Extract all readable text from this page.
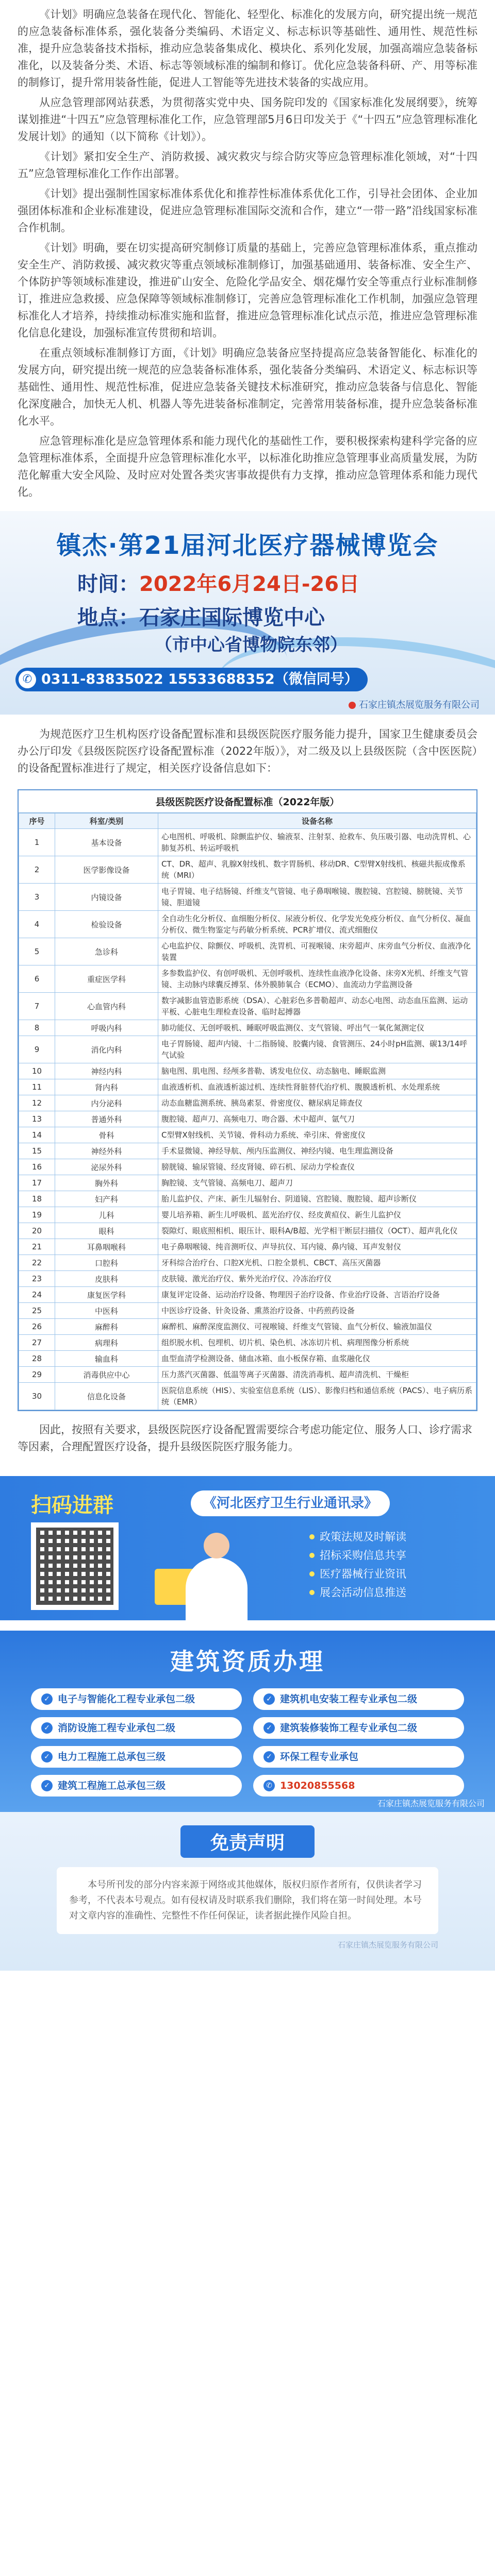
《计划》明确应急装备在现代化、智能化、轻型化、标准化的发展方向，研究提出统一规范的应急装备标准体系，强化装备分类编码、术语定义、标志标识等基础性、通用性、规范性标准，提升应急装备技术指标，推动应急装备集成化、模块化、系列化发展，加强高端应急装备标准化，以及装备分类、术语、标志等领域标准的编制和修订。优化应急装备科研、产、用等标准的制修订，提升常用装备性能，促进人工智能等先进技术装备的实战应用。

从应急管理部网站获悉，为贯彻落实党中央、国务院印发的《国家标准化发展纲要》，统筹谋划推进“十四五”应急管理标准化工作，应急管理部5月6日印发关于《“十四五”应急管理标准化发展计划》的通知（以下简称《计划》）。

《计划》紧扣安全生产、消防救援、减灾救灾与综合防灾等应急管理标准化领域，对“十四五”应急管理标准化工作作出部署。

《计划》提出强制性国家标准体系优化和推荐性标准体系优化工作，引导社会团体、企业加强团体标准和企业标准建设，促进应急管理标准国际交流和合作，建立“一带一路”沿线国家标准合作机制。

《计划》明确，要在切实提高研究制修订质量的基础上，完善应急管理标准体系，重点推动安全生产、消防救援、减灾救灾等重点领域标准制修订，加强基础通用、装备标准、安全生产、个体防护等领域标准建设，推进矿山安全、危险化学品安全、烟花爆竹安全等重点行业标准制修订，推进应急救援、应急保障等领域标准制修订，完善应急管理标准化工作机制，加强应急管理标准化人才培养，持续推动标准实施和监督，推进应急管理标准化试点示范，推进应急管理标准化信息化建设，加强标准宣传贯彻和培训。

在重点领域标准制修订方面，《计划》明确应急装备应坚持提高应急装备智能化、标准化的发展方向，研究提出统一规范的应急装备标准体系，强化装备分类编码、术语定义、标志标识等基础性、通用性、规范性标准，促进应急装备关键技术标准研究，推动应急装备与信息化、智能化深度融合，加快无人机、机器人等先进装备标准制定，完善常用装备标准，提升应急装备标准化水平。

应急管理标准化是应急管理体系和能力现代化的基础性工作，要积极探索构建科学完备的应急管理标准体系，全面提升应急管理标准化水平，以标准化助推应急管理事业高质量发展，为防范化解重大安全风险、及时应对处置各类灾害事故提供有力支撑，推动应急管理体系和能力现代化。

镇杰·第21届河北医疗器械博览会
时间：2022年6月24日-26日
地点：石家庄国际博览中心
（市中心省博物院东邻）
✆ 0311-83835022 15533688352（微信同号）
石家庄镇杰展览服务有限公司
为规范医疗卫生机构医疗设备配置标准和县级医院医疗服务能力提升，国家卫生健康委员会办公厅印发《县级医院医疗设备配置标准（2022年版）》，对二级及以上县级医院（含中医医院）的设备配置标准进行了规定，相关医疗设备信息如下：
县级医院医疗设备配置标准（2022年版）
序号	科室/类别	设备名称
1	基本设备	心电图机、呼吸机、除颤监护仪、输液泵、注射泵、抢救车、负压吸引器、电动洗胃机、心肺复苏机、转运呼吸机
2	医学影像设备	CT、DR、超声、乳腺X射线机、数字胃肠机、移动DR、C型臂X射线机、核磁共振成像系统（MRI）
3	内镜设备	电子胃镜、电子结肠镜、纤维支气管镜、电子鼻咽喉镜、腹腔镜、宫腔镜、膀胱镜、关节镜、胆道镜
4	检验设备	全自动生化分析仪、血细胞分析仪、尿液分析仪、化学发光免疫分析仪、血气分析仪、凝血分析仪、微生物鉴定与药敏分析系统、PCR扩增仪、流式细胞仪
5	急诊科	心电监护仪、除颤仪、呼吸机、洗胃机、可视喉镜、床旁超声、床旁血气分析仪、血液净化装置
6	重症医学科	多参数监护仪、有创呼吸机、无创呼吸机、连续性血液净化设备、床旁X光机、纤维支气管镜、主动脉内球囊反搏泵、体外膜肺氧合（ECMO）、血流动力学监测设备
7	心血管内科	数字减影血管造影系统（DSA）、心脏彩色多普勒超声、动态心电图、动态血压监测、运动平板、心脏电生理检查设备、临时起搏器
8	呼吸内科	肺功能仪、无创呼吸机、睡眠呼吸监测仪、支气管镜、呼出气一氧化氮测定仪
9	消化内科	电子胃肠镜、超声内镜、十二指肠镜、胶囊内镜、食管测压、24小时pH监测、碳13/14呼气试验
10	神经内科	脑电图、肌电图、经颅多普勒、诱发电位仪、动态脑电、睡眠监测
11	肾内科	血液透析机、血液透析滤过机、连续性肾脏替代治疗机、腹膜透析机、水处理系统
12	内分泌科	动态血糖监测系统、胰岛素泵、骨密度仪、糖尿病足筛查仪
13	普通外科	腹腔镜、超声刀、高频电刀、吻合器、术中超声、氩气刀
14	骨科	C型臂X射线机、关节镜、骨科动力系统、牵引床、骨密度仪
15	神经外科	手术显微镜、神经导航、颅内压监测仪、神经内镜、电生理监测设备
16	泌尿外科	膀胱镜、输尿管镜、经皮肾镜、碎石机、尿动力学检查仪
17	胸外科	胸腔镜、支气管镜、高频电刀、超声刀
18	妇产科	胎儿监护仪、产床、新生儿辐射台、阴道镜、宫腔镜、腹腔镜、超声诊断仪
19	儿科	婴儿培养箱、新生儿呼吸机、蓝光治疗仪、经皮黄疸仪、新生儿监护仪
20	眼科	裂隙灯、眼底照相机、眼压计、眼科A/B超、光学相干断层扫描仪（OCT）、超声乳化仪
21	耳鼻咽喉科	电子鼻咽喉镜、纯音测听仪、声导抗仪、耳内镜、鼻内镜、耳声发射仪
22	口腔科	牙科综合治疗台、口腔X光机、口腔全景机、CBCT、高压灭菌器
23	皮肤科	皮肤镜、激光治疗仪、紫外光治疗仪、冷冻治疗仪
24	康复医学科	康复评定设备、运动治疗设备、物理因子治疗设备、作业治疗设备、言语治疗设备
25	中医科	中医诊疗设备、针灸设备、熏蒸治疗设备、中药煎药设备
26	麻醉科	麻醉机、麻醉深度监测仪、可视喉镜、纤维支气管镜、血气分析仪、输液加温仪
27	病理科	组织脱水机、包埋机、切片机、染色机、冰冻切片机、病理图像分析系统
28	输血科	血型血清学检测设备、储血冰箱、血小板保存箱、血浆融化仪
29	消毒供应中心	压力蒸汽灭菌器、低温等离子灭菌器、清洗消毒机、超声清洗机、干燥柜
30	信息化设备	医院信息系统（HIS）、实验室信息系统（LIS）、影像归档和通信系统（PACS）、电子病历系统（EMR）
因此，按照有关要求，县级医院医疗设备配置需要综合考虑功能定位、服务人口、诊疗需求等因素，合理配置医疗设备，提升县级医院医疗服务能力。
扫码进群	《河北医疗卫生行业通讯录》
政策法规及时解读
招标采购信息共享
医疗器械行业资讯
展会活动信息推送
建筑资质办理
✓ 电子与智能化工程专业承包二级	✓ 建筑机电安装工程专业承包二级
✓ 消防设施工程专业承包二级	✓ 建筑装修装饰工程专业承包二级
✓ 电力工程施工总承包三级	✓ 环保工程专业承包
✓ 建筑工程施工总承包三级	✆ 13020855568
石家庄镇杰展览服务有限公司
免责声明
本号所刊发的部分内容来源于网络或其他媒体，版权归原作者所有，仅供读者学习参考，不代表本号观点。如有侵权请及时联系我们删除，我们将在第一时间处理。本号对文章内容的准确性、完整性不作任何保证，读者据此操作风险自担。
石家庄镇杰展览服务有限公司
